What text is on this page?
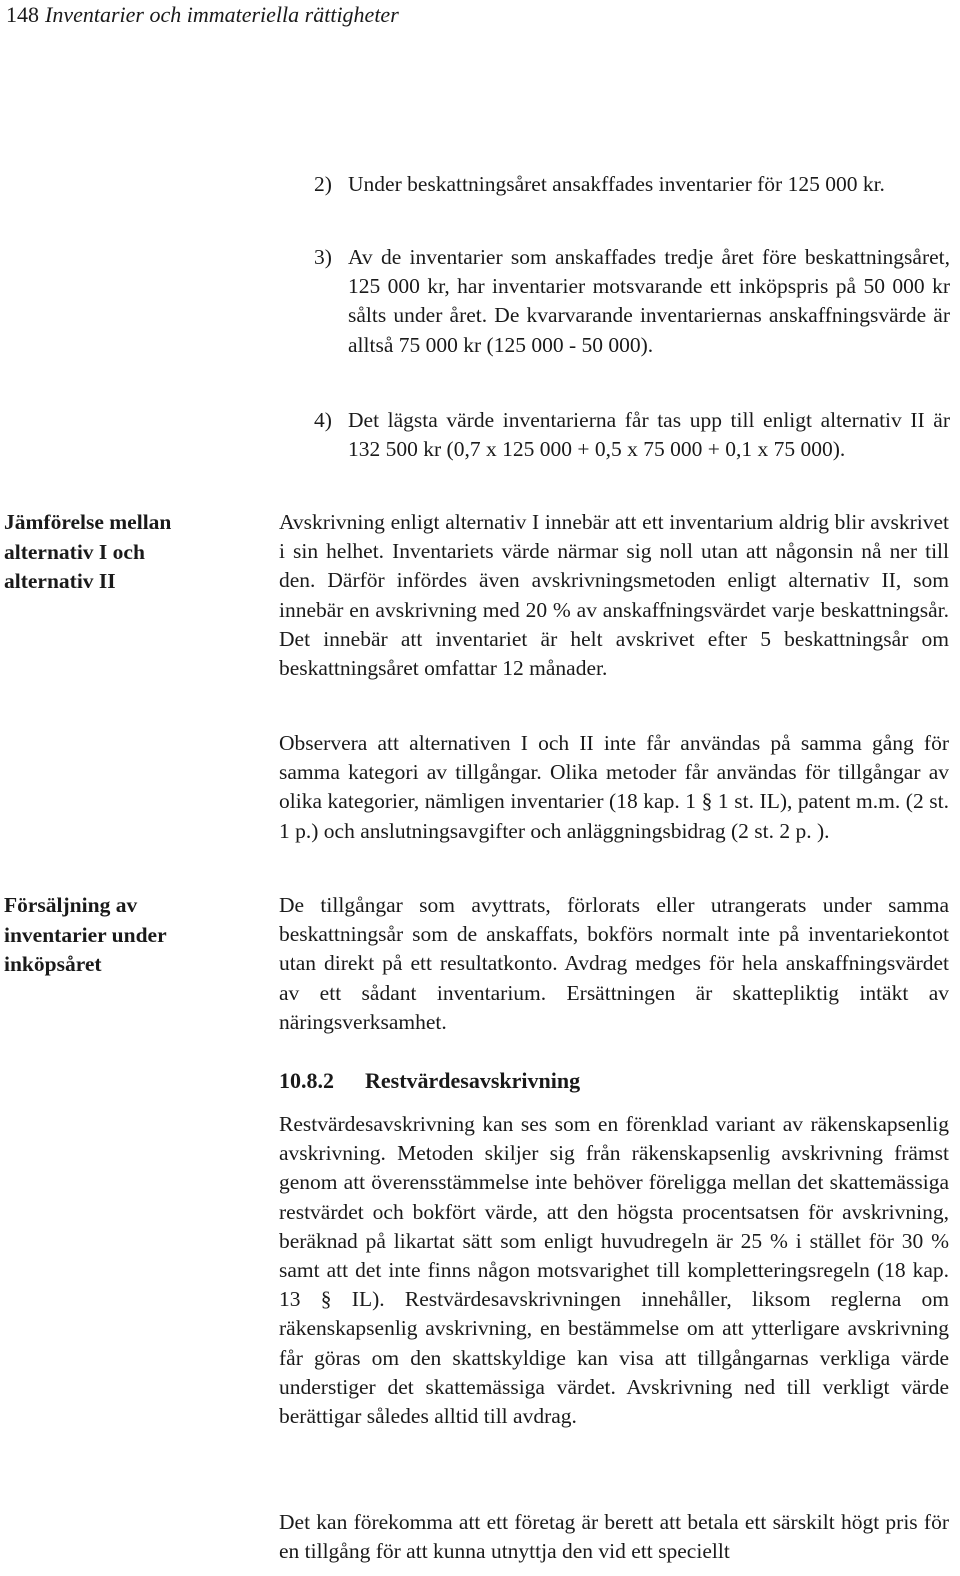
148 Inventarier och immateriella rättigheter
2) Under beskattningsåret ansakffades inventarier för 125 000 kr.
3) Av de inventarier som anskaffades tredje året före beskattningsåret, 125 000 kr, har inventarier motsvarande ett inköpspris på 50 000 kr sålts under året. De kvarvarande inventariernas anskaffningsvärde är alltså 75 000 kr (125 000 - 50 000).
4) Det lägsta värde inventarierna får tas upp till enligt alternativ II är 132 500 kr (0,7 x 125 000 + 0,5 x 75 000 + 0,1 x 75 000).
Jämförelse mellan
alternativ I och
alternativ II
Avskrivning enligt alternativ I innebär att ett inventarium aldrig blir avskrivet i sin helhet. Inventariets värde närmar sig noll utan att någonsin nå ner till den. Därför infördes även avskrivningsmetoden enligt alternativ II, som innebär en avskrivning med 20 % av anskaffningsvärdet varje beskattningsår. Det innebär att inventariet är helt avskrivet efter 5 beskattningsår om beskattningsåret omfattar 12 månader.
Observera att alternativen I och II inte får användas på samma gång för samma kategori av tillgångar. Olika metoder får användas för tillgångar av olika kategorier, nämligen inventarier (18 kap. 1 § 1 st. IL), patent m.m. (2 st. 1 p.) och anslutningsavgifter och anläggningsbidrag (2 st. 2 p. ).
Försäljning av
inventarier under
inköpsåret
De tillgångar som avyttrats, förlorats eller utrangerats under samma beskattningsår som de anskaffats, bokförs normalt inte på inventariekontot utan direkt på ett resultatkonto. Avdrag medges för hela anskaffningsvärdet av ett sådant inventarium. Ersättningen är skattepliktig intäkt av näringsverksamhet.
10.8.2 Restvärdesavskrivning
Restvärdesavskrivning kan ses som en förenklad variant av räkenskapsenlig avskrivning. Metoden skiljer sig från räkenskapsenlig avskrivning främst genom att överensstämmelse inte behöver föreligga mellan det skattemässiga restvärdet och bokfört värde, att den högsta procentsatsen för avskrivning, beräknad på likartat sätt som enligt huvudregeln är 25 % i stället för 30 % samt att det inte finns någon motsvarighet till kompletteringsregeln (18 kap. 13 § IL). Restvärdesavskrivningen innehåller, liksom reglerna om räkenskapsenlig avskrivning, en bestämmelse om att ytterligare avskrivning får göras om den skattskyldige kan visa att tillgångarnas verkliga värde understiger det skattemässiga värdet. Avskrivning ned till verkligt värde berättigar således alltid till avdrag.
Det kan förekomma att ett företag är berett att betala ett särskilt högt pris för en tillgång för att kunna utnyttja den vid ett speciellt
